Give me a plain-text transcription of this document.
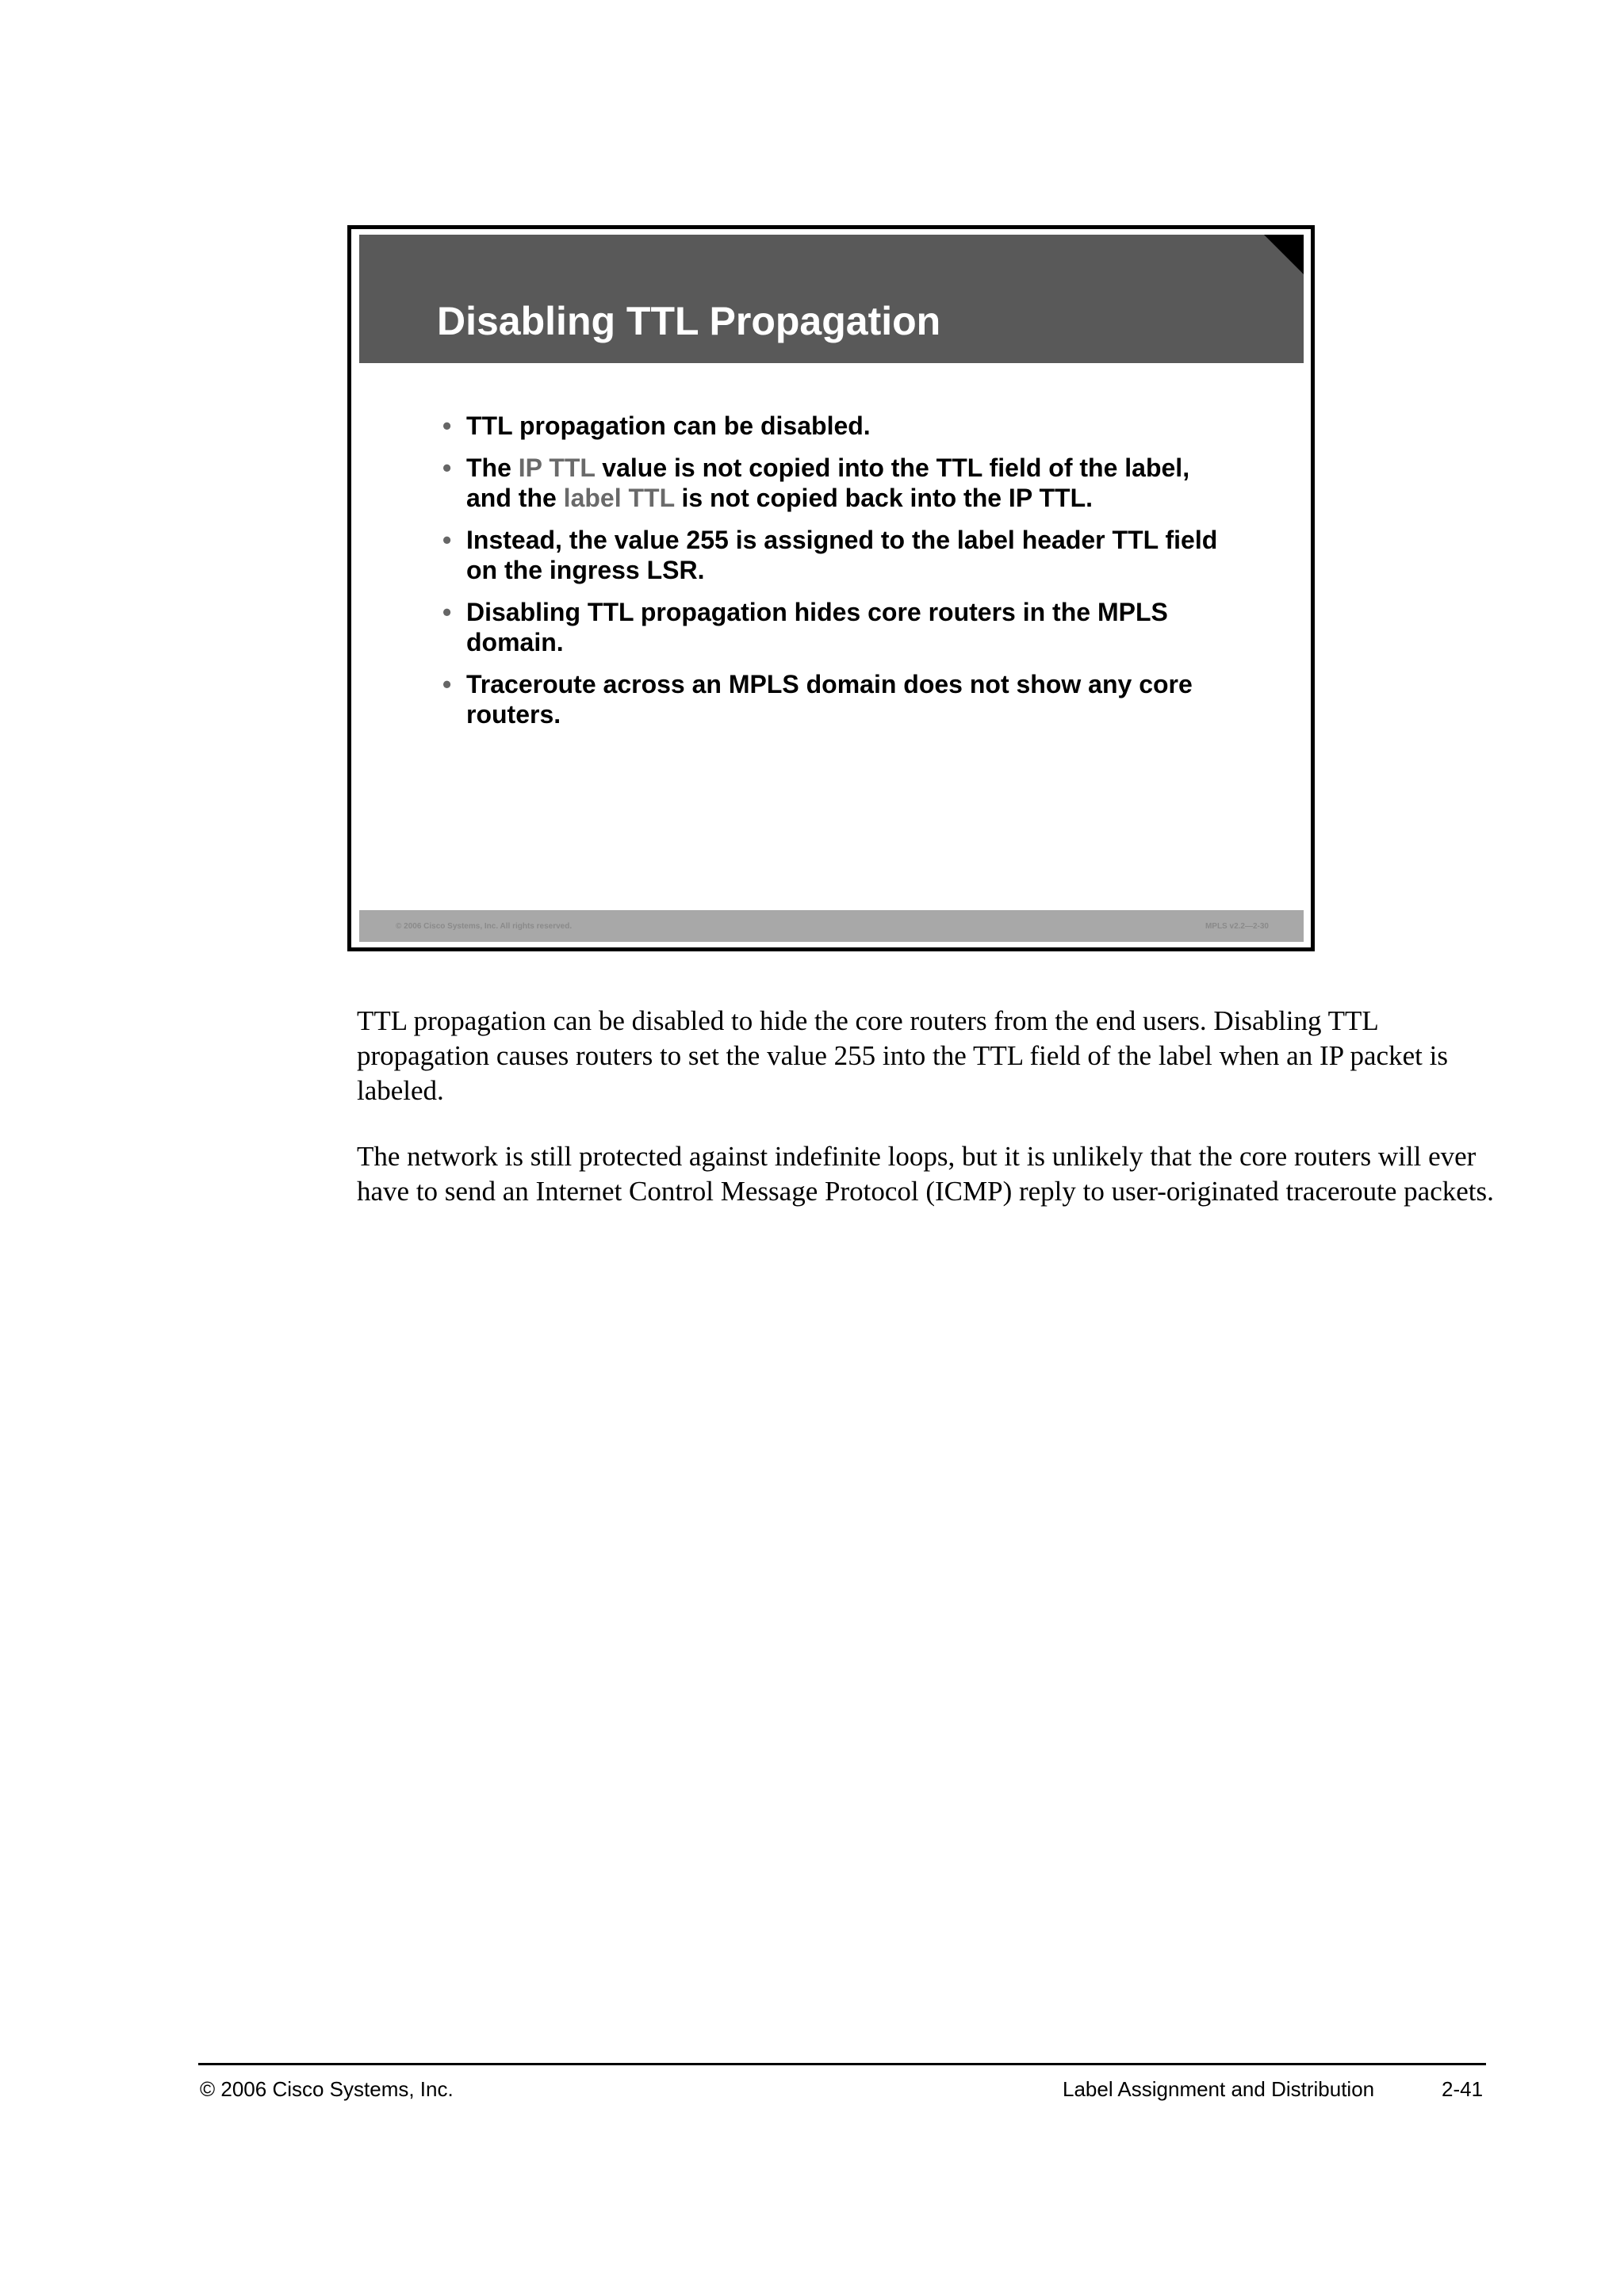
Disabling TTL Propagation
• TTL propagation can be disabled.
• The IP TTL value is not copied into the TTL field of the label, and the label TTL is not copied back into the IP TTL.
• Instead, the value 255 is assigned to the label header TTL field on the ingress LSR.
• Disabling TTL propagation hides core routers in the MPLS domain.
• Traceroute across an MPLS domain does not show any core routers.
© 2006 Cisco Systems, Inc. All rights reserved.	MPLS v2.2—2-30

TTL propagation can be disabled to hide the core routers from the end users. Disabling TTL propagation causes routers to set the value 255 into the TTL field of the label when an IP packet is labeled.

The network is still protected against indefinite loops, but it is unlikely that the core routers will ever have to send an Internet Control Message Protocol (ICMP) reply to user-originated traceroute packets.

© 2006 Cisco Systems, Inc.	Label Assignment and Distribution	2-41
